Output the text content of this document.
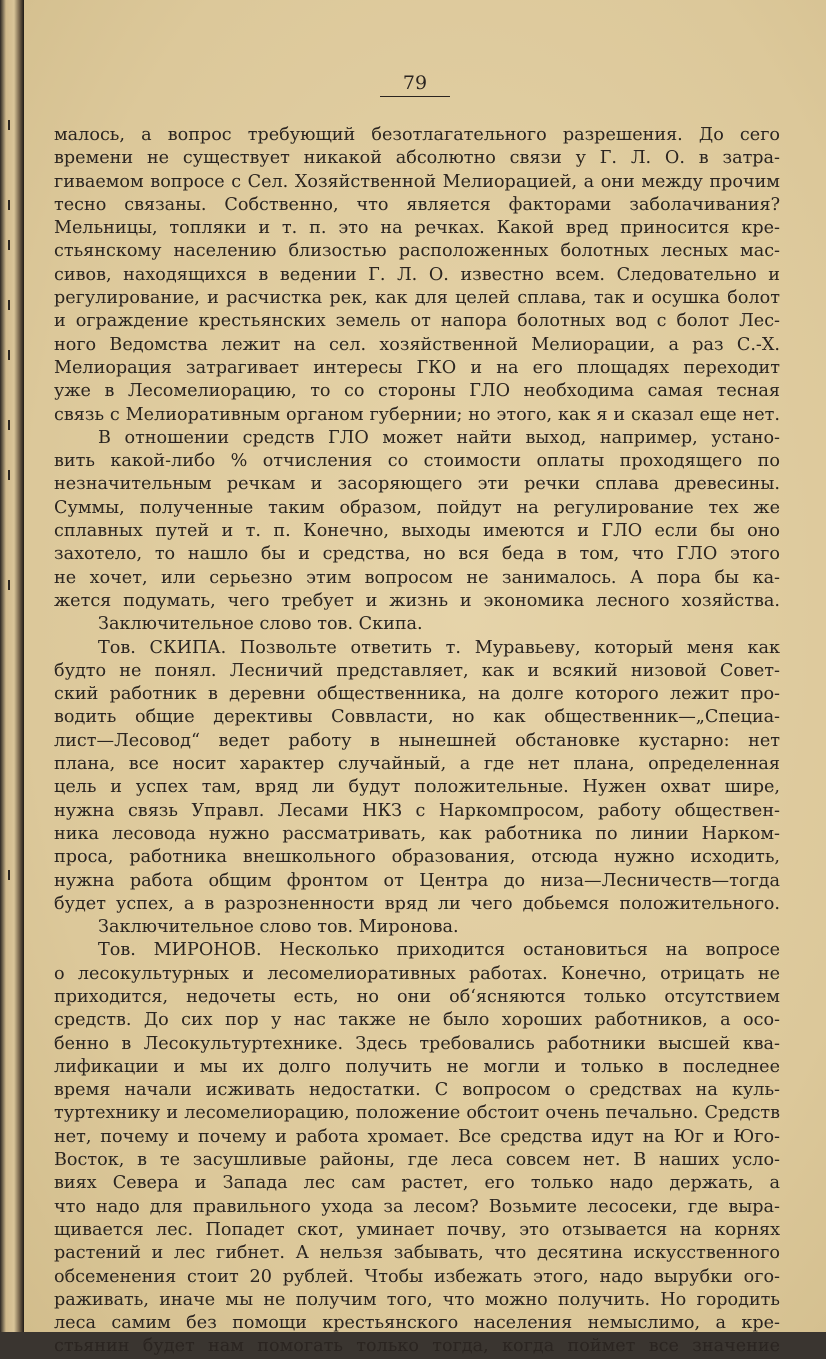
79
малось, а вопрос требующий безотлагательного разрешения. До сего
времени не существует никакой абсолютно связи у Г. Л. О. в затра-
гиваемом вопросе с Сел. Хозяйственной Мелиорацией, а они между прочим
тесно связаны. Собственно, что является факторами заболачивания?
Мельницы, топляки и т. п. это на речках. Какой вред приносится кре-
стьянскому населению близостью расположенных болотных лесных мас-
сивов, находящихся в ведении Г. Л. О. известно всем. Следовательно и
регулирование, и расчистка рек, как для целей сплава, так и осушка болот
и ограждение крестьянских земель от напора болотных вод с болот Лес-
ного Ведомства лежит на сел. хозяйственной Мелиорации, а раз С.-Х.
Мелиорация затрагивает интересы ГКО и на его площадях переходит
уже в Лесомелиорацию, то со стороны ГЛО необходима самая тесная
связь с Мелиоративным органом губернии; но этого, как я и сказал еще нет.
В отношении средств ГЛО может найти выход, например, устано-
вить какой-либо % отчисления со стоимости оплаты проходящего по
незначительным речкам и засоряющего эти речки сплава древесины.
Суммы, полученные таким образом, пойдут на регулирование тех же
сплавных путей и т. п. Конечно, выходы имеются и ГЛО если бы оно
захотело, то нашло бы и средства, но вся беда в том, что ГЛО этого
не хочет, или серьезно этим вопросом не занималось. А пора бы ка-
жется подумать, чего требует и жизнь и экономика лесного хозяйства.
Заключительное слово тов. Скипа.
Тов. СКИПА. Позвольте ответить т. Муравьеву, который меня как
будто не понял. Лесничий представляет, как и всякий низовой Совет-
ский работник в деревни общественника, на долге которого лежит про-
водить общие дерективы Соввласти, но как общественник—„Специа-
лист—Лесовод“ ведет работу в нынешней обстановке кустарно: нет
плана, все носит характер случайный, а где нет плана, определенная
цель и успех там, вряд ли будут положительные. Нужен охват шире,
нужна связь Управл. Лесами НКЗ с Наркомпросом, работу обществен-
ника лесовода нужно рассматривать, как работника по линии Нарком-
проса, работника внешкольного образования, отсюда нужно исходить,
нужна работа общим фронтом от Центра до низа—Лесничеств—тогда
будет успех, а в разрозненности вряд ли чего добьемся положительного.
Заключительное слово тов. Миронова.
Тов. МИРОНОВ. Несколько приходится остановиться на вопросе
о лесокультурных и лесомелиоративных работах. Конечно, отрицать не
приходится, недочеты есть, но они об‘ясняются только отсутствием
средств. До сих пор у нас также не было хороших работников, а осо-
бенно в Лесокультуртехнике. Здесь требовались работники высшей ква-
лификации и мы их долго получить не могли и только в последнее
время начали исживать недостатки. С вопросом о средствах на куль-
туртехнику и лесомелиорацию, положение обстоит очень печально. Средств
нет, почему и почему и работа хромает. Все средства идут на Юг и Юго-
Восток, в те засушливые районы, где леса совсем нет. В наших усло-
виях Севера и Запада лес сам растет, его только надо держать, а
что надо для правильного ухода за лесом? Возьмите лесосеки, где выра-
щивается лес. Попадет скот, уминает почву, это отзывается на корнях
растений и лес гибнет. А нельзя забывать, что десятина искусственного
обсеменения стоит 20 рублей. Чтобы избежать этого, надо вырубки ого-
раживать, иначе мы не получим того, что можно получить. Но городить
леса самим без помощи крестьянского населения немыслимо, а кре-
стьянин будет нам помогать только тогда, когда поймет все значение
